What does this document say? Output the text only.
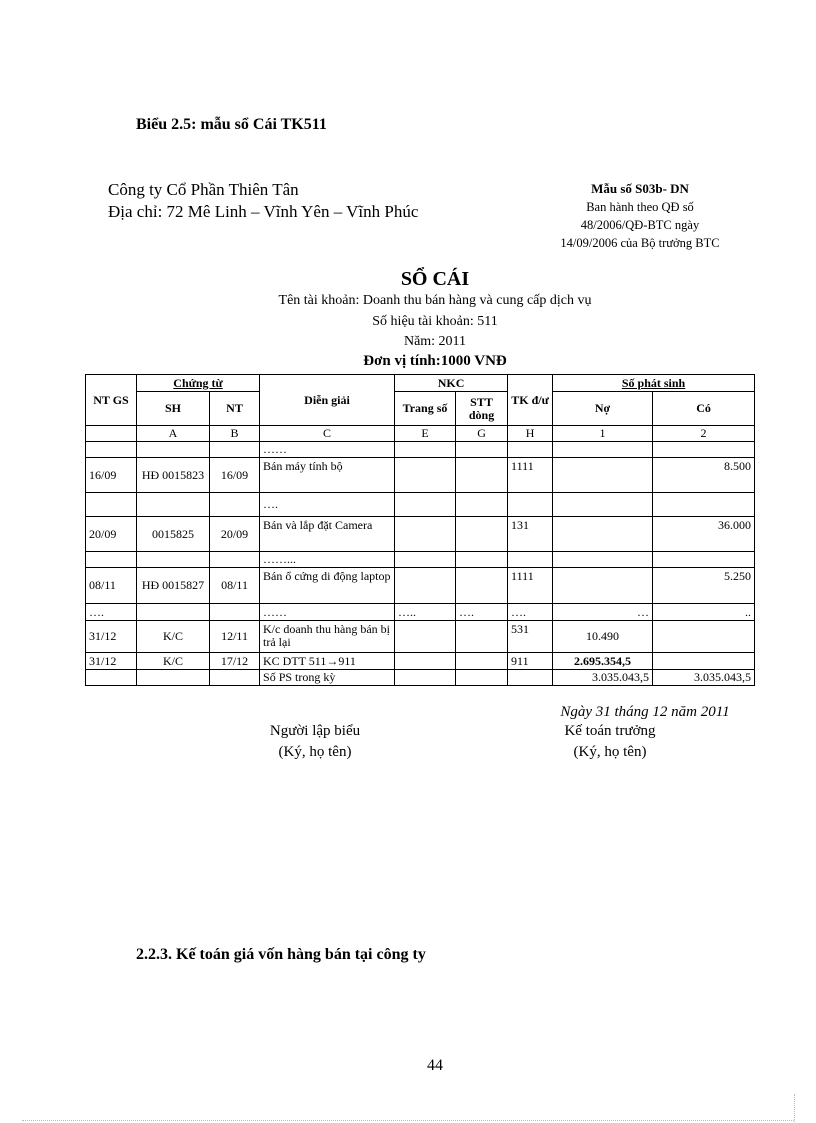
Biểu 2.5: mẫu sổ Cái TK511
Công ty Cổ Phần Thiên Tân
Địa chỉ: 72 Mê Linh – Vĩnh Yên – Vĩnh Phúc
Mẫu số S03b- DN
Ban hành theo QĐ số
48/2006/QĐ-BTC ngày
14/09/2006 của Bộ trưởng BTC
SỔ CÁI
Tên tài khoản: Doanh thu bán hàng và cung cấp dịch vụ
Số hiệu tài khoản: 511
Năm: 2011
Đơn vị tính:1000 VNĐ
NT GS	Chứng từ		Diễn giải	NKC		TK đ/ư	Số phát sinh	
	SH	NT		Trang số	STT dòng		Nợ	Có
	A	B	C	E	G	H	1	2
			……					
16/09	HĐ 0015823	16/09	Bán máy tính bộ			1111		8.500
			….					
20/09	0015825	20/09	Bán và lắp đặt Camera			131		36.000
			……...					
08/11	HĐ 0015827	08/11	Bán ổ cứng di động laptop			1111		5.250
….			……	…..	….	….	…	..
31/12	K/C	12/11	K/c doanh thu hàng bán bị trả lại			531	10.490	
31/12	K/C	17/12	KC DTT 511→911			911	2.695.354,5	
			Số PS trong kỳ				3.035.043,5	3.035.043,5
Ngày 31 tháng 12 năm 2011
Người lập biểu
(Ký, họ tên)
Kế toán trưởng
(Ký, họ tên)
2.2.3. Kế toán giá vốn hàng bán tại công ty
44
